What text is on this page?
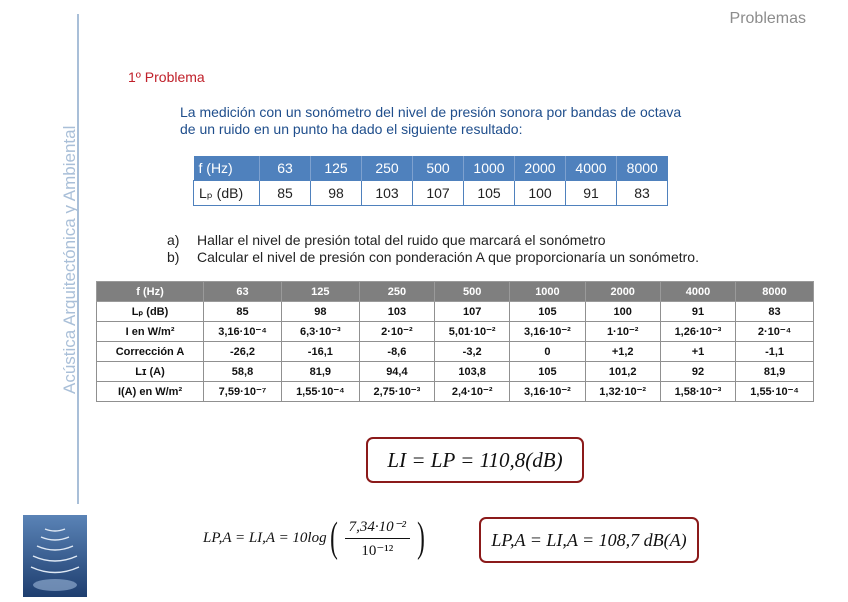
Acústica Arquitectónica y Ambiental
Problemas
1º Problema
La medición con un sonómetro del nivel de presión sonora por bandas de octava
de un ruido en un punto ha dado el siguiente resultado:
f (Hz)	63	125	250	500	1000	2000	4000	8000
Lₚ (dB)	85	98	103	107	105	100	91	83
a) Hallar el nivel de presión total del ruido que marcará el sonómetro
b) Calcular el nivel de presión con ponderación A que proporcionaría un sonómetro.
f (Hz)	63	125	250	500	1000	2000	4000	8000
Lₚ (dB)	85	98	103	107	105	100	91	83
I en W/m²	3,16·10⁻⁴	6,3·10⁻³	2·10⁻²	5,01·10⁻²	3,16·10⁻²	1·10⁻²	1,26·10⁻³	2·10⁻⁴
Corrección A	-26,2	-16,1	-8,6	-3,2	0	+1,2	+1	-1,1
Lɪ (A)	58,8	81,9	94,4	103,8	105	101,2	92	81,9
I(A) en W/m²	7,59·10⁻⁷	1,55·10⁻⁴	2,75·10⁻³	2,4·10⁻²	3,16·10⁻²	1,32·10⁻²	1,58·10⁻³	1,55·10⁻⁴
LI = LP = 110,8(dB)
LP,A = LI,A = 10log ( $\frac{\text{7,34·10⁻²}}{\text{10⁻¹²}}$ )	LP,A = LI,A = 108,7 dB(A)
